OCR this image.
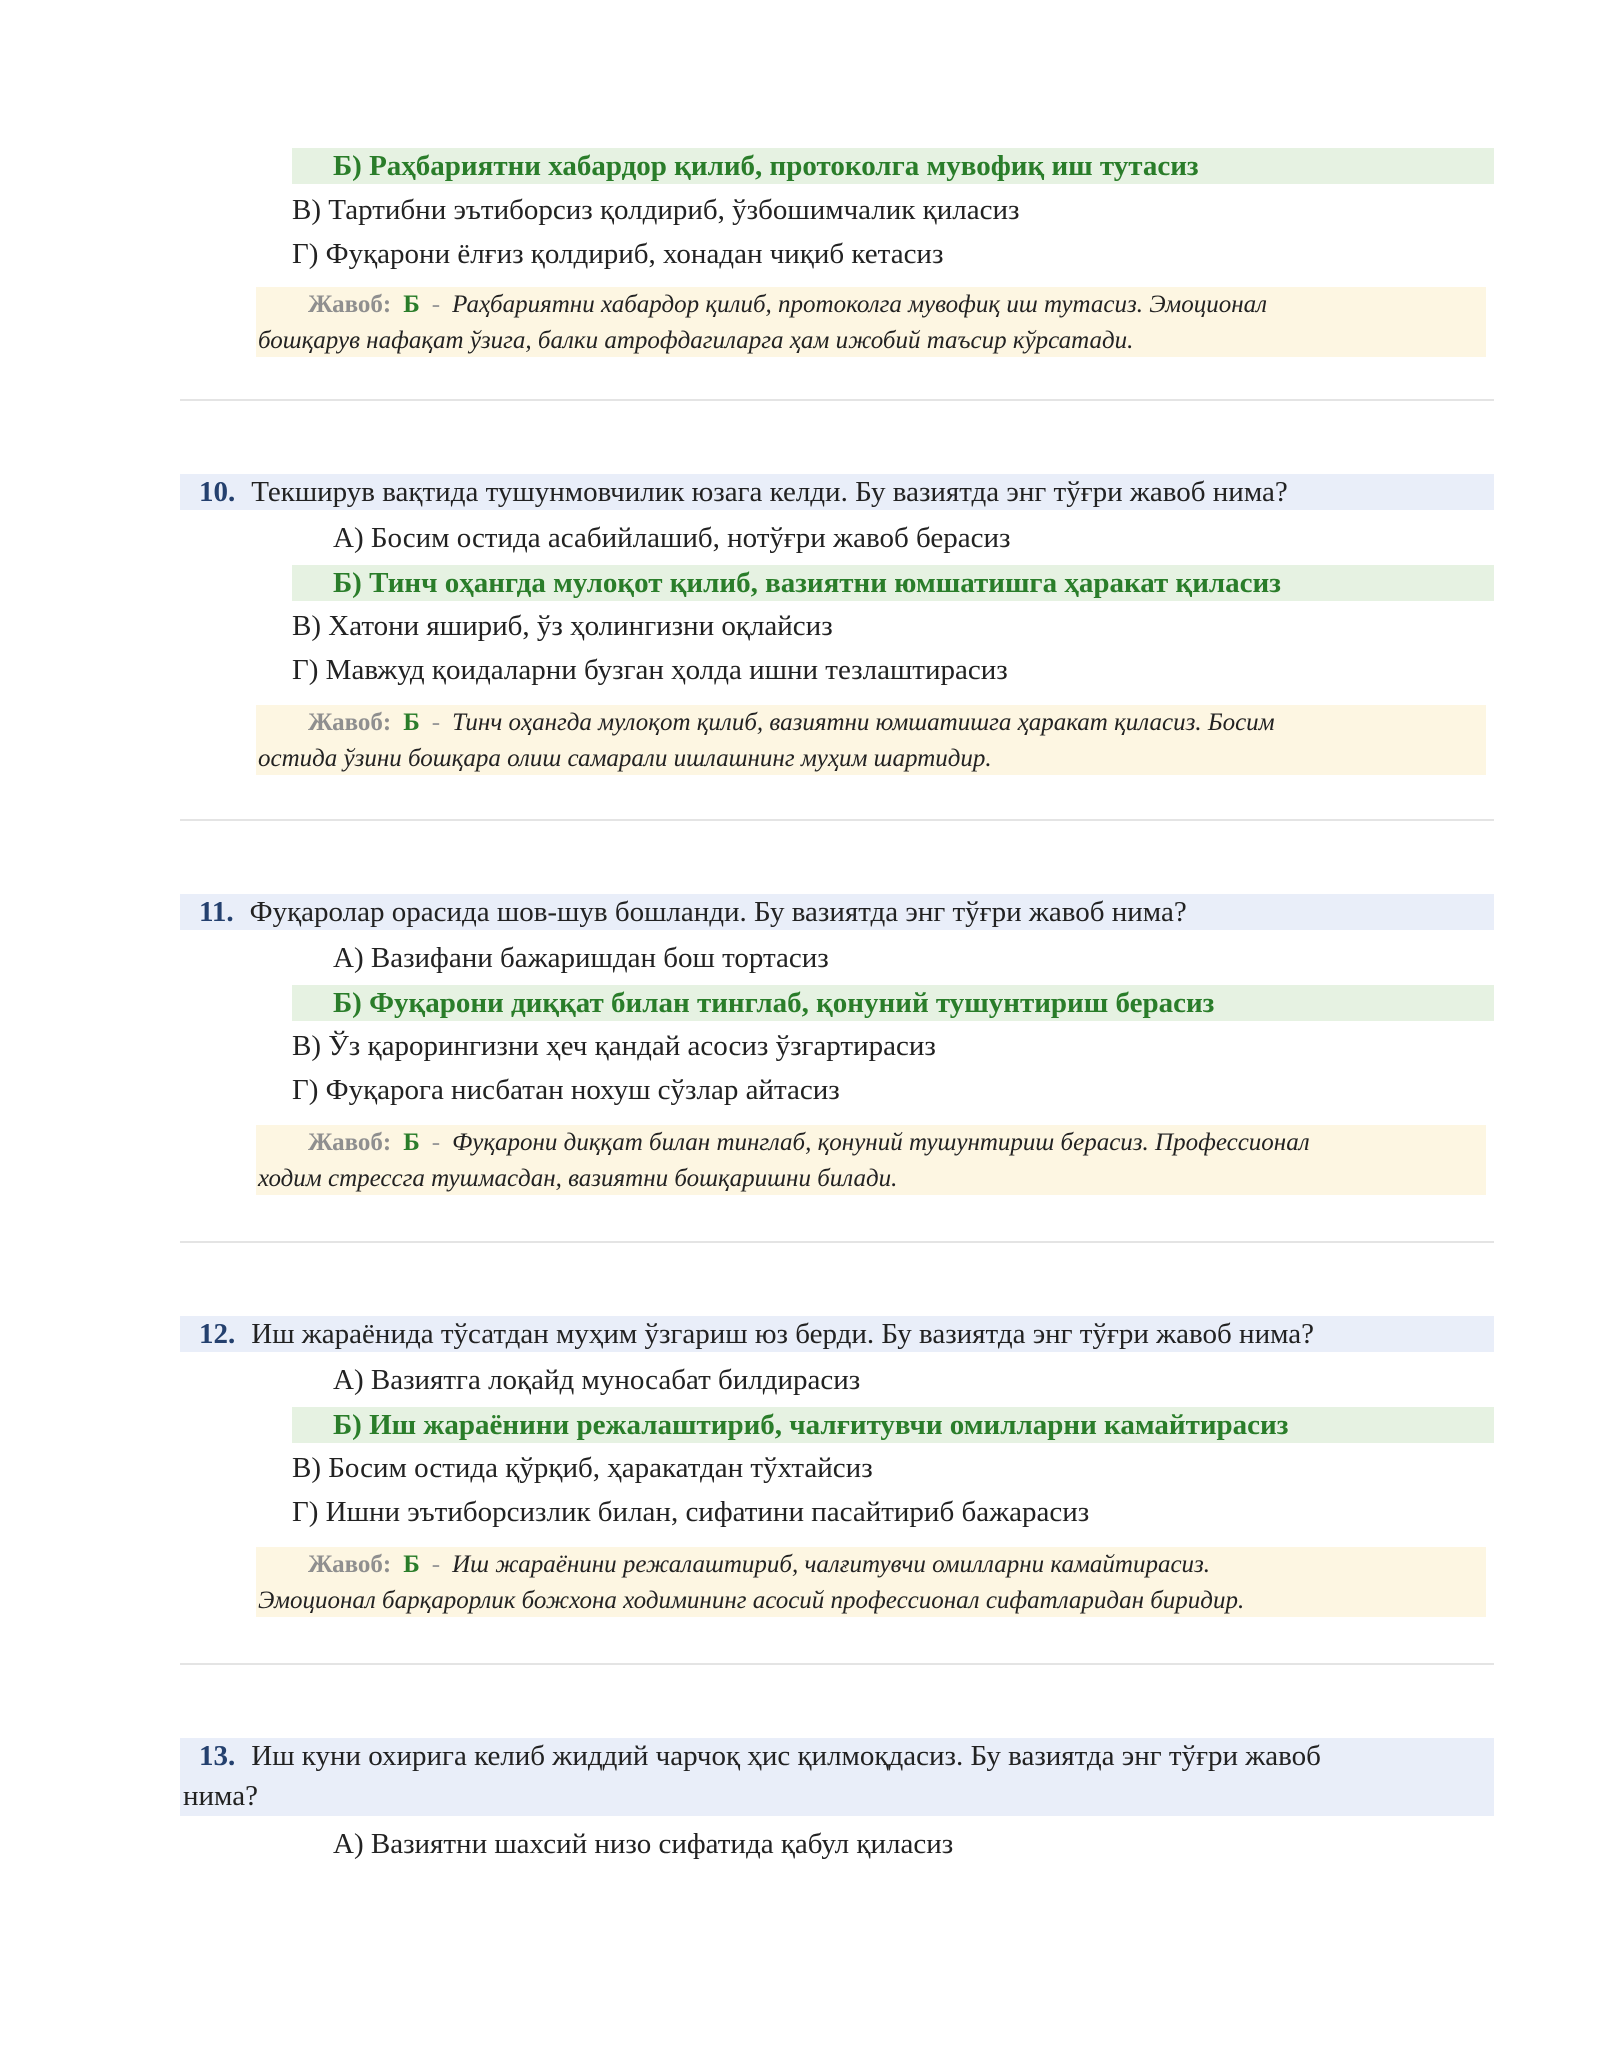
Б) Раҳбариятни хабардор қилиб, протоколга мувофиқ иш тутасиз
В) Тартибни эътиборсиз қолдириб, ўзбошимчалик қиласиз
Г) Фуқарони ёлғиз қолдириб, хонадан чиқиб кетасиз
Жавоб: Б - Раҳбариятни хабардор қилиб, протоколга мувофиқ иш тутасиз. Эмоционал
бошқарув нафақат ўзига, балки атрофдагиларга ҳам ижобий таъсир кўрсатади.
10. Текширув вақтида тушунмовчилик юзага келди. Бу вазиятда энг тўғри жавоб нима?
А) Босим остида асабийлашиб, нотўғри жавоб берасиз
Б) Тинч оҳангда мулоқот қилиб, вазиятни юмшатишга ҳаракат қиласиз
В) Хатони яшириб, ўз ҳолингизни оқлайсиз
Г) Мавжуд қоидаларни бузган ҳолда ишни тезлаштирасиз
Жавоб: Б - Тинч оҳангда мулоқот қилиб, вазиятни юмшатишга ҳаракат қиласиз. Босим
остида ўзини бошқара олиш самарали ишлашнинг муҳим шартидир.
11. Фуқаролар орасида шов-шув бошланди. Бу вазиятда энг тўғри жавоб нима?
А) Вазифани бажаришдан бош тортасиз
Б) Фуқарони диққат билан тинглаб, қонуний тушунтириш берасиз
В) Ўз қарорингизни ҳеч қандай асосиз ўзгартирасиз
Г) Фуқарога нисбатан нохуш сўзлар айтасиз
Жавоб: Б - Фуқарони диққат билан тинглаб, қонуний тушунтириш берасиз. Профессионал
ходим стрессга тушмасдан, вазиятни бошқаришни билади.
12. Иш жараёнида тўсатдан муҳим ўзгариш юз берди. Бу вазиятда энг тўғри жавоб нима?
А) Вазиятга лоқайд муносабат билдирасиз
Б) Иш жараёнини режалаштириб, чалғитувчи омилларни камайтирасиз
В) Босим остида қўрқиб, ҳаракатдан тўхтайсиз
Г) Ишни эътиборсизлик билан, сифатини пасайтириб бажарасиз
Жавоб: Б - Иш жараёнини режалаштириб, чалғитувчи омилларни камайтирасиз.
Эмоционал барқарорлик божхона ходимининг асосий профессионал сифатларидан биридир.
13. Иш куни охирига келиб жиддий чарчоқ ҳис қилмоқдасиз. Бу вазиятда энг тўғри жавоб
нима?
А) Вазиятни шахсий низо сифатида қабул қиласиз
